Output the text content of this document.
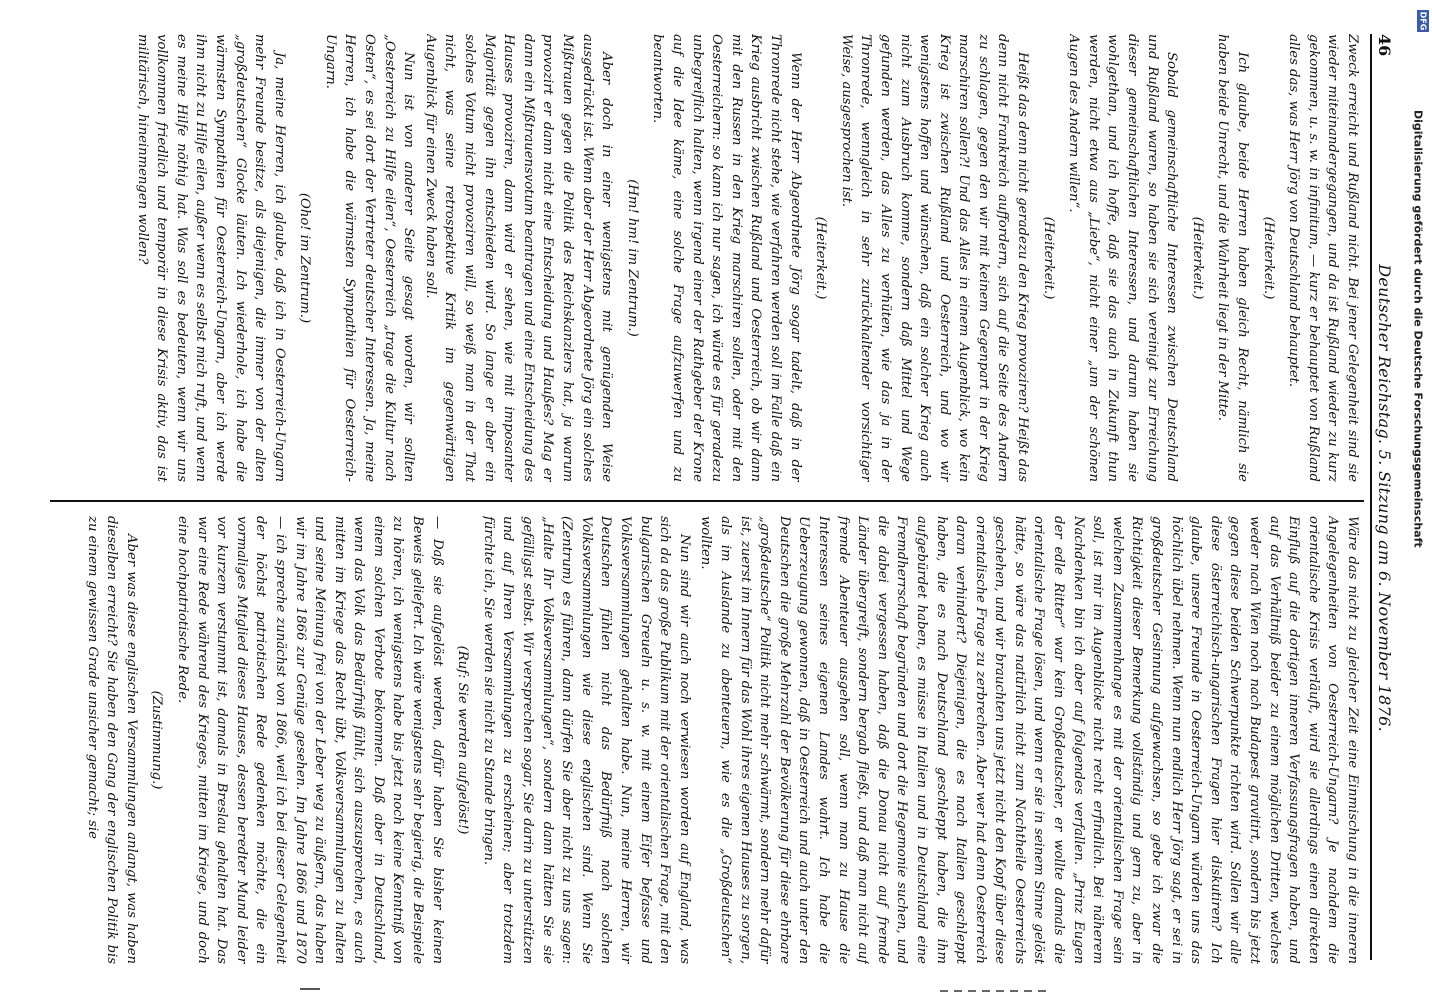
46
Deutscher Reichstag. 5. Sitzung am 6. November 1876.

Zweck erreicht und Rußland nicht. Bei jener Gelegenheit sind sie wieder miteinandergegangen, und da ist Rußland wieder zu kurz gekommen, u. s. w. in infinitum, — kurz er behauptet von Rußland alles das, was Herr Jörg von Deutschland behauptet.

(Heiterkeit.)

Ich glaube, beide Herren haben gleich Recht, nämlich sie haben beide Unrecht, und die Wahrheit liegt in der Mitte.

(Heiterkeit.)

Sobald gemeinschaftliche Interessen zwischen Deutschland und Rußland waren, so haben sie sich vereinigt zur Erreichung dieser gemeinschaftlichen Interessen, und darum haben sie wohlgethan, und ich hoffe, daß sie das auch in Zukunft thun werden, nicht etwa aus „Liebe“, nicht einer „um der schönen Augen des Andern willen“.

(Heiterkeit.)

Heißt das denn nicht geradezu den Krieg provoziren? Heißt das denn nicht Frankreich auffordern, sich auf die Seite des Andern zu schlagen, gegen den wir mit keinem Gegenpart in der Krieg marschiren sollen?! Und das Alles in einem Augenblick, wo kein Krieg ist zwischen Rußland und Oesterreich, und wo wir wenigstens hoffen und wünschen, daß ein solcher Krieg auch nicht zum Ausbruch komme, sondern daß Mittel und Wege gefunden werden, das Alles zu verhüten, wie das ja in der Thronrede, wenngleich in sehr zurückhaltender vorsichtiger Weise, ausgesprochen ist.

(Heiterkeit.)

Wenn der Herr Abgeordnete Jörg sogar tadelt, daß in der Thronrede nicht stehe, wie verfahren werden soll im Falle daß ein Krieg ausbricht zwischen Rußland und Oesterreich, ob wir dann mit den Russen in den Krieg marschiren sollen, oder mit den Oesterreichern: so kann ich nur sagen, ich würde es für geradezu unbegreiflich halten, wenn irgend einer der Rathgeber der Krone auf die Idee käme, eine solche Frage aufzuwerfen und zu beantworten.

(Hm! hm! im Zentrum.)

Aber doch in einer wenigstens mit genügenden Weise ausgedrückt ist. Wenn aber der Herr Abgeordnete Jörg ein solches Mißtrauen gegen die Politik des Reichskanzlers hat, ja warum provozirt er dann nicht eine Entscheidung und Haußes? Mag er dann ein Mißtrauensvotum beantragen und eine Entscheidung des Hauses provoziren, dann wird er sehen, wie mit imposanter Majorität gegen ihn entschieden wird. So lange er aber ein solches Votum nicht provoziren will, so weiß man in der That nicht, was seine retrospektive Kritik im gegenwärtigen Augenblick für einen Zweck haben soll.

Nun ist von anderer Seite gesagt worden, wir sollten „Oesterreich zu Hilfe eilen“, Oesterreich „trage die Kultur nach Osten“, es sei dort der Vertreter deutscher Interessen. Ja, meine Herren, ich habe die wärmsten Sympathien für Oesterreich-Ungarn.

(Oho! im Zentrum.)

Ja, meine Herren, ich glaube, daß ich in Oesterreich-Ungarn mehr Freunde besitze, als diejenigen, die immer von der alten „großdeutschen“ Glocke läuten. Ich wiederhole, ich habe die wärmsten Sympathien für Oesterreich-Ungarn, aber ich werde ihm nicht zu Hilfe eilen, außer wenn es selbst mich ruft, und wenn es meine Hilfe nöthig hat. Was soll es bedeuten, wenn wir uns vollkommen friedlich und temporär in diese Krisis aktiv, das ist militärisch, hineinmengen wollen?

Wäre das nicht zu gleicher Zeit eine Einmischung in die inneren Angelegenheiten von Oesterreich-Ungarn? Je nachdem die orientalische Krisis verläuft, wird sie allerdings einen direkten Einfluß auf die dortigen inneren Verfassungsfragen haben, und auf das Verhältniß beider zu einem möglichen Dritten, welches weder nach Wien noch nach Budapest gravitirt, sondern bis jetzt gegen diese beiden Schwerpunkte richten wird. Sollen wir alle diese österreichisch-ungarischen Fragen hier diskutiren? Ich glaube, unsere Freunde in Oesterreich-Ungarn würden uns das höchlich übel nehmen. Wenn nun endlich Herr Jörg sagt, er sei in großdeutscher Gesinnung aufgewachsen, so gebe ich zwar die Richtigkeit dieser Bemerkung vollständig und gern zu, aber in welchem Zusammenhange es mit der orientalischen Frage sein soll, ist mir im Augenblicke nicht recht erfindlich. Bei näherem Nachdenken bin ich aber auf folgendes verfallen. „Prinz Eugen der edle Ritter“ war kein Großdeutscher, er wollte damals die orientalische Frage lösen, und wenn er sie in seinem Sinne gelöst hätte, so wäre das natürlich nicht zum Nachtheile Oesterreichs geschehen, und wir brauchten uns jetzt nicht den Kopf über diese orientalische Frage zu zerbrechen. Aber wer hat denn Oesterreich daran verhindert? Diejenigen, die es nach Italien geschleppt haben, die es nach Deutschland geschleppt haben, die ihm aufgebürdet haben, es müsse in Italien und in Deutschland eine Fremdherrschaft begründen und dort die Hegemonie suchen, und die dabei vergessen haben, daß die Donau nicht auf fremde Länder übergreift, sondern bergab fließt, und daß man nicht auf fremde Abenteuer ausgehen soll, wenn man zu Hause die Interessen seines eigenen Landes wahrt. Ich habe die Ueberzeugung gewonnen, daß in Oesterreich und auch unter den Deutschen die große Mehrzahl der Bevölkerung für diese ehrbare „großdeutsche“ Politik nicht mehr schwärmt, sondern mehr dafür ist, zuerst im Innern für das Wohl ihres eigenen Hauses zu sorgen, als im Auslande zu abenteuern, wie es die „Großdeutschen“ wollten.

Nun sind wir auch noch verwiesen worden auf England, was sich da das große Publikum mit der orientalischen Frage, mit den bulgarischen Greueln u. s. w. mit einem Eifer befasse und Volksversammlungen gehalten habe. Nun, meine Herren, wir Deutschen fühlen nicht das Bedürfniß nach solchen Volksversammlungen wie diese englischen sind. Wenn Sie (Zentrum) es führen, dann dürfen Sie aber nicht zu uns sagen: „Halte Ihr Volksversammlungen“, sondern dann hätten Sie sie gefälligst selbst. Wir versprechen sogar, Sie darin zu unterstützen und auf Ihren Versammlungen zu erscheinen; aber trotzdem fürchte ich, Sie werden sie nicht zu Stande bringen.

(Ruf: Sie werden aufgelöst!)

— Daß sie aufgelöst werden, dafür haben Sie bisher keinen Beweis geliefert. Ich wäre wenigstens sehr begierig, die Beispiele zu hören, ich wenigstens habe bis jetzt noch keine Kenntniß von einem solchen Verbote bekommen. Daß aber in Deutschland, wenn das Volk das Bedürfniß fühlt, sich auszusprechen, es auch mitten im Kriege das Recht übt, Volksversammlungen zu halten und seine Meinung frei von der Leber weg zu äußern, das haben wir im Jahre 1866 zur Genüge gesehen. Im Jahre 1866 und 1870 — ich spreche zunächst von 1866, weil ich bei dieser Gelegenheit der höchst patriotischen Rede gedenken möchte, die ein vormaliges Mitglied dieses Hauses, dessen beredter Mund leider vor kurzem verstummt ist, damals in Breslau gehalten hat. Das war eine Rede während des Krieges, mitten im Kriege, und doch eine hochpatriotische Rede.

(Zustimmung.)

Aber was diese englischen Versammlungen anlangt, was haben dieselben erreicht? Sie haben den Gang der englischen Politik bis zu einem gewissen Grade unsicher gemacht; sie

DFG
Digitalisierung gefördert durch die Deutsche Forschungsgemeinschaft
